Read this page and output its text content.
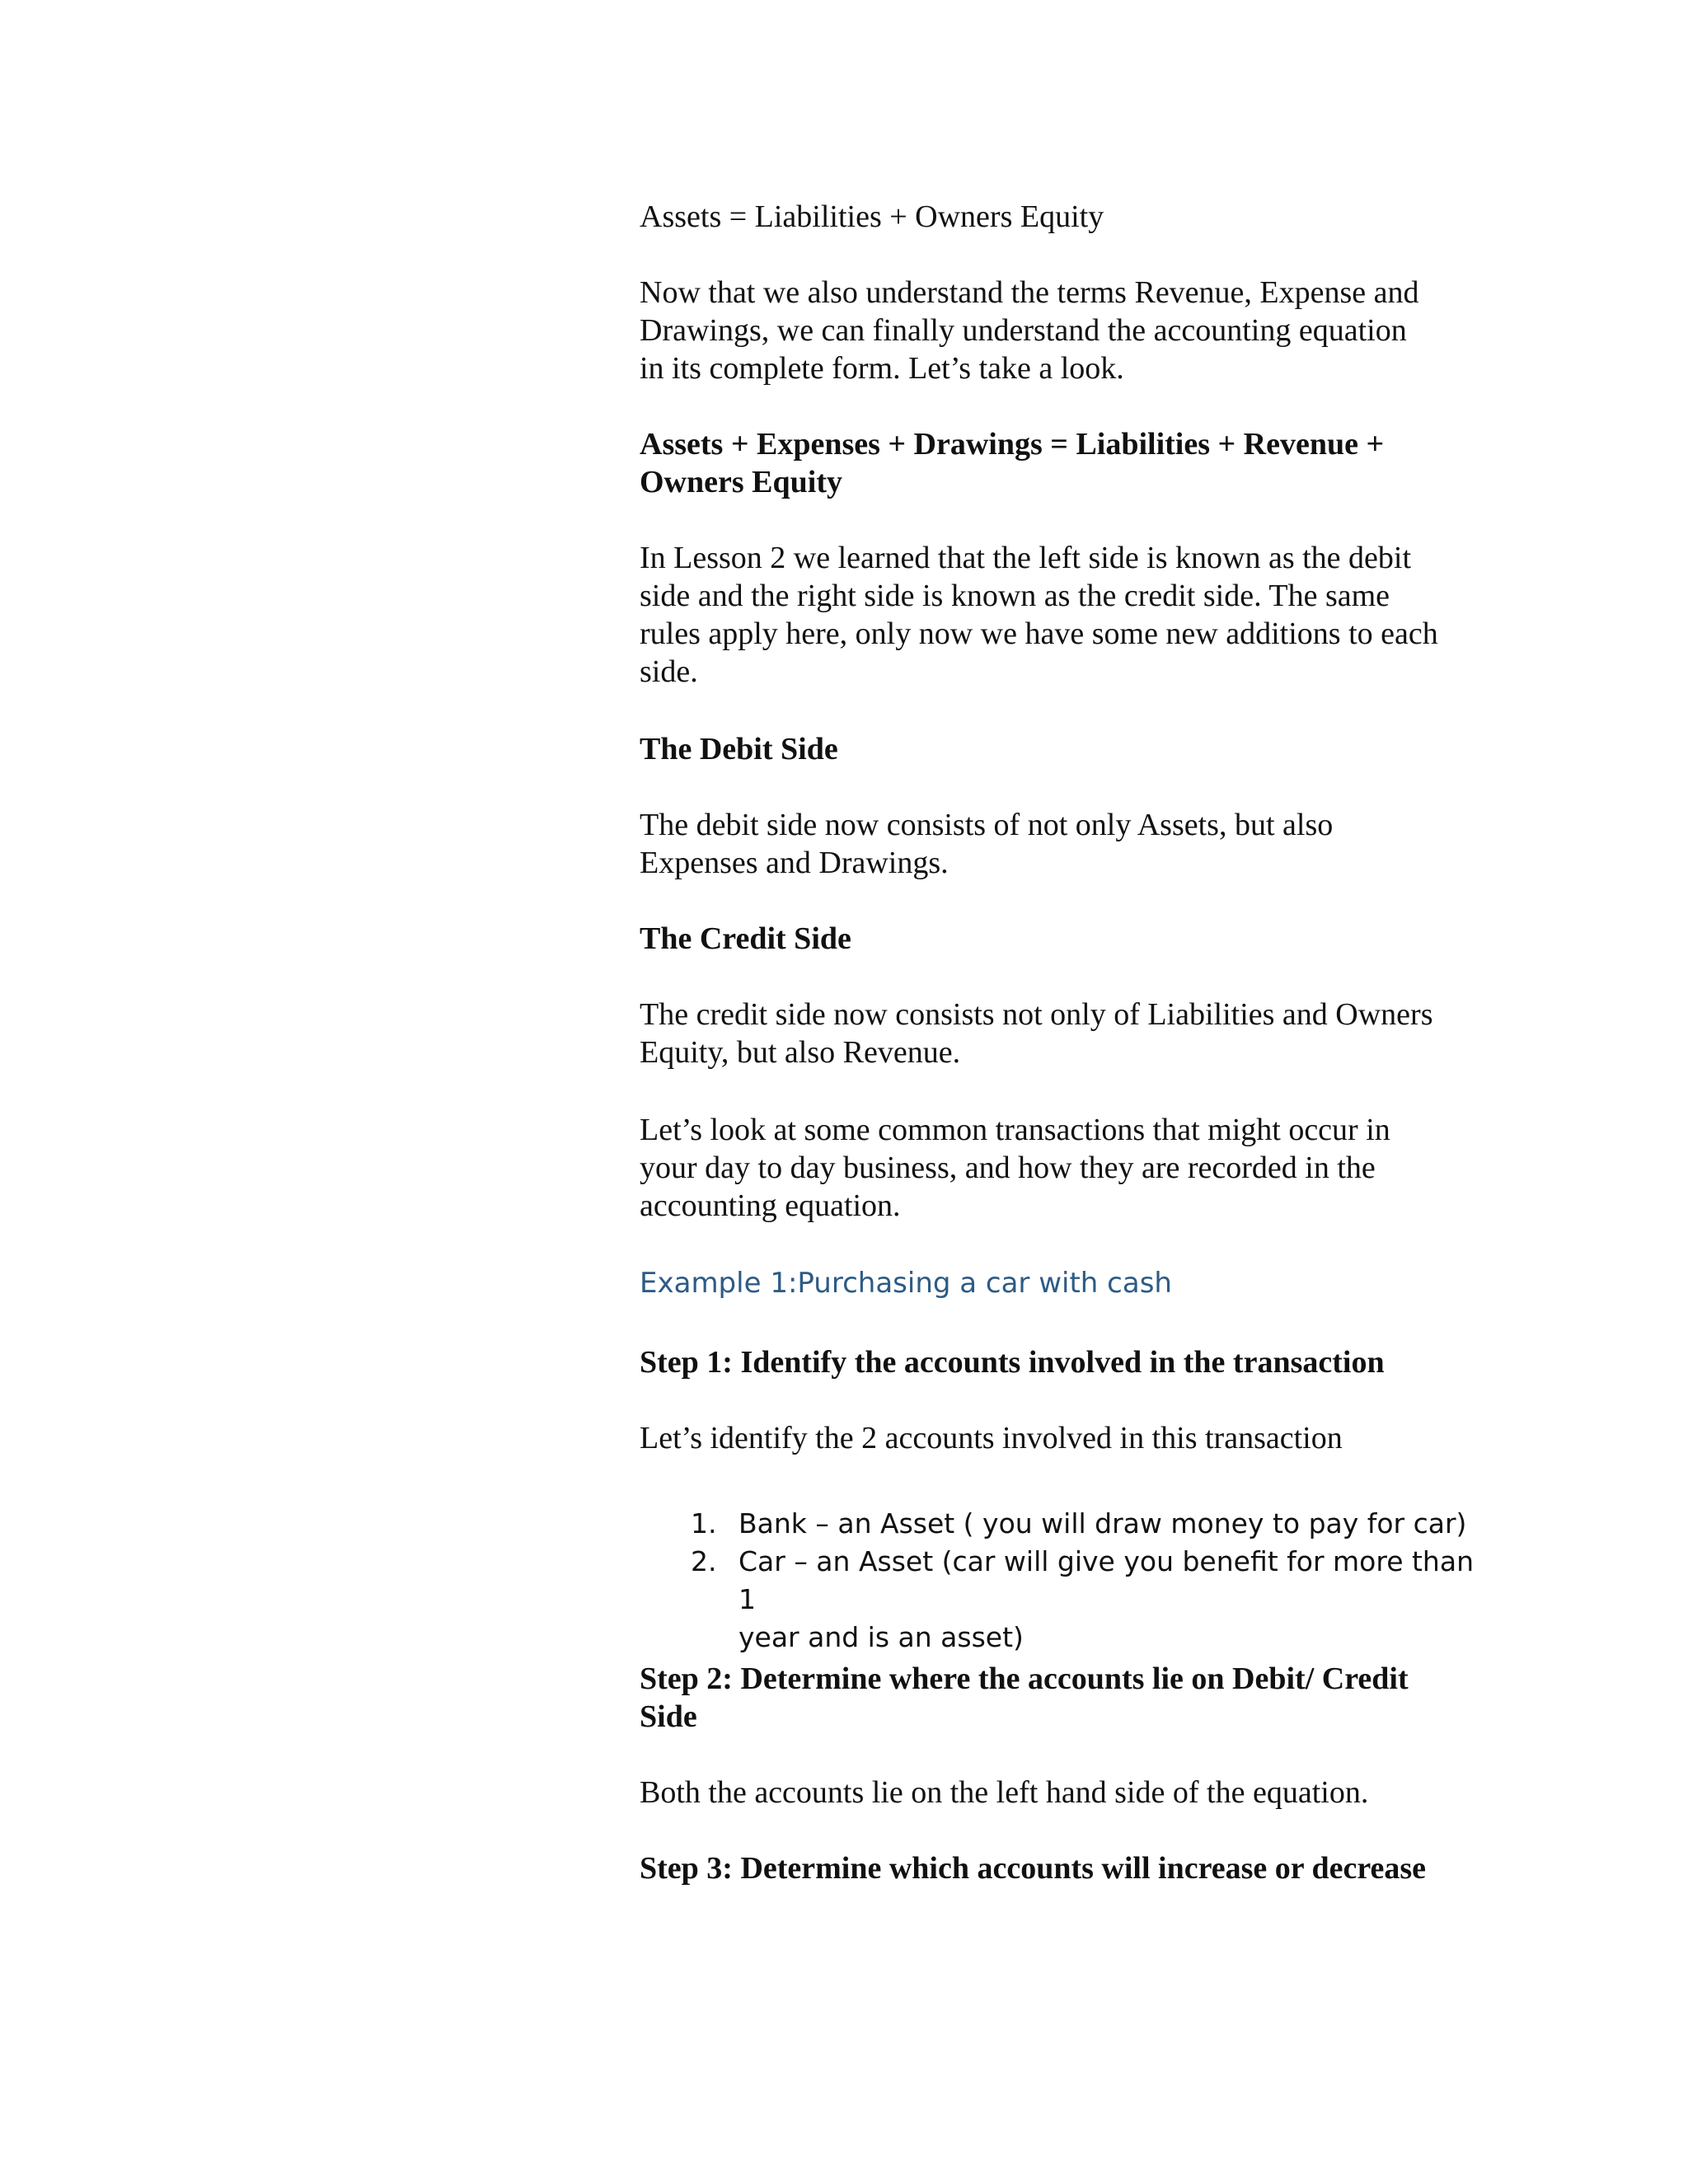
Assets = Liabilities + Owners Equity

Now that we also understand the terms Revenue, Expense and
Drawings, we can finally understand the accounting equation
in its complete form. Let’s take a look.
Assets + Expenses + Drawings = Liabilities + Revenue +
Owners Equity
In Lesson 2 we learned that the left side is known as the debit
side and the right side is known as the credit side. The same
rules apply here, only now we have some new additions to each
side.

The Debit Side

The debit side now consists of not only Assets, but also
Expenses and Drawings.

The Credit Side

The credit side now consists not only of Liabilities and Owners
Equity, but also Revenue.
Let’s look at some common transactions that might occur in
your day to day business, and how they are recorded in the
accounting equation.

Example 1:Purchasing a car with cash

Step 1: Identify the accounts involved in the transaction

Let’s identify the 2 accounts involved in this transaction

1. Bank – an Asset ( you will draw money to pay for car)
2. Car – an Asset (car will give you benefit for more than 1
year and is an asset)
Step 2: Determine where the accounts lie on Debit/ Credit
Side

Both the accounts lie on the left hand side of the equation.

Step 3: Determine which accounts will increase or decrease
